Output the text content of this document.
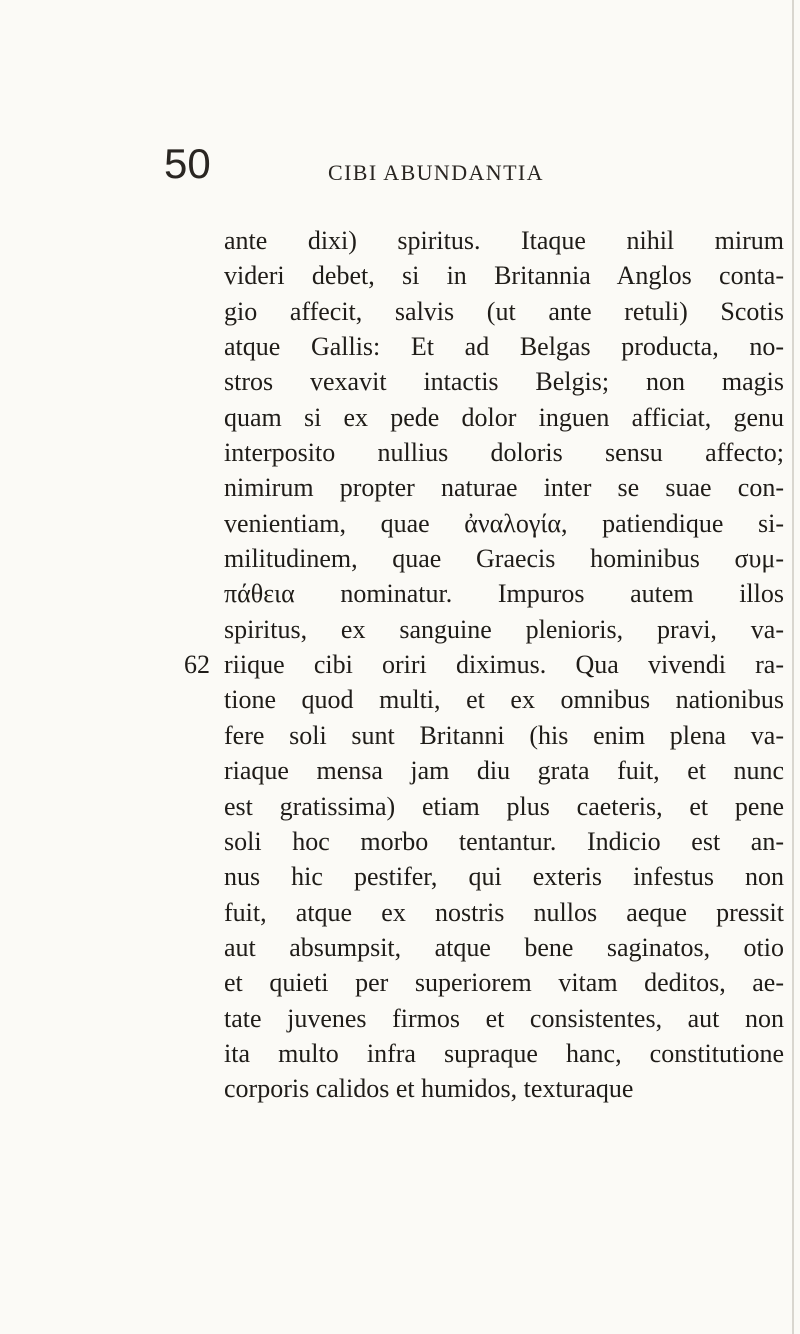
50	CIBI ABUNDANTIA
ante dixi) spiritus. Itaque nihil mirum
videri debet, si in Britannia Anglos conta-
gio affecit, salvis (ut ante retuli) Scotis
atque Gallis: Et ad Belgas producta, no-
stros vexavit intactis Belgis; non magis
quam si ex pede dolor inguen afficiat, genu
interposito nullius doloris sensu affecto;
nimirum propter naturae inter se suae con-
venientiam, quae ἀναλογία, patiendique si-
militudinem, quae Graecis hominibus συμ-
πάθεια nominatur. Impuros autem illos
spiritus, ex sanguine plenioris, pravi, va-
62 riique cibi oriri diximus. Qua vivendi ra-
tione quod multi, et ex omnibus nationibus
fere soli sunt Britanni (his enim plena va-
riaque mensa jam diu grata fuit, et nunc
est gratissima) etiam plus caeteris, et pene
soli hoc morbo tentantur. Indicio est an-
nus hic pestifer, qui exteris infestus non
fuit, atque ex nostris nullos aeque pressit
aut absumpsit, atque bene saginatos, otio
et quieti per superiorem vitam deditos, ae-
tate juvenes firmos et consistentes, aut non
ita multo infra supraque hanc, constitutione
corporis calidos et humidos, texturaque
